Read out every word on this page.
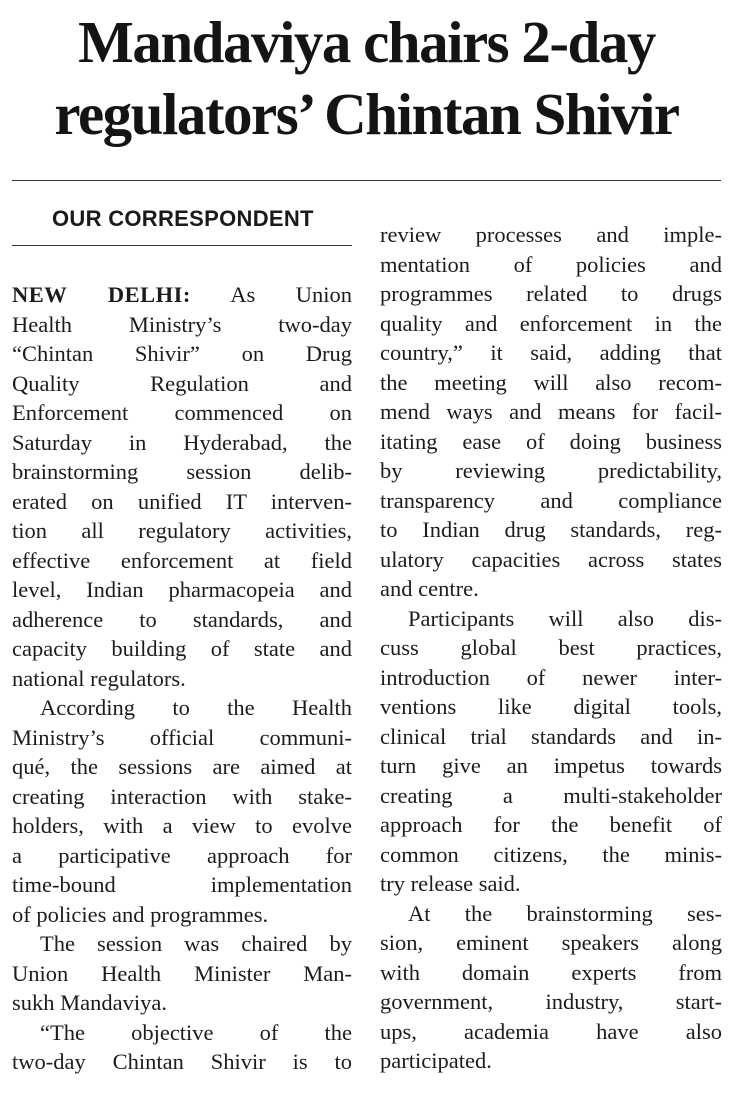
Mandaviya chairs 2-day
regulators’ Chintan Shivir
OUR CORRESPONDENT
NEW DELHI: As Union
Health Ministry’s two-day
“Chintan Shivir” on Drug
Quality Regulation and
Enforcement commenced on
Saturday in Hyderabad, the
brainstorming session delib-
erated on unified IT interven-
tion all regulatory activities,
effective enforcement at field
level, Indian pharmacopeia and
adherence to standards, and
capacity building of state and
national regulators.
According to the Health
Ministry’s official communi-
qué, the sessions are aimed at
creating interaction with stake-
holders, with a view to evolve
a participative approach for
time-bound implementation
of policies and programmes.
The session was chaired by
Union Health Minister Man-
sukh Mandaviya.
“The objective of the
two-day Chintan Shivir is to
review processes and imple-
mentation of policies and
programmes related to drugs
quality and enforcement in the
country,” it said, adding that
the meeting will also recom-
mend ways and means for facil-
itating ease of doing business
by reviewing predictability,
transparency and compliance
to Indian drug standards, reg-
ulatory capacities across states
and centre.
Participants will also dis-
cuss global best practices,
introduction of newer inter-
ventions like digital tools,
clinical trial standards and in-
turn give an impetus towards
creating a multi-stakeholder
approach for the benefit of
common citizens, the minis-
try release said.
At the brainstorming ses-
sion, eminent speakers along
with domain experts from
government, industry, start-
ups, academia have also
participated.
